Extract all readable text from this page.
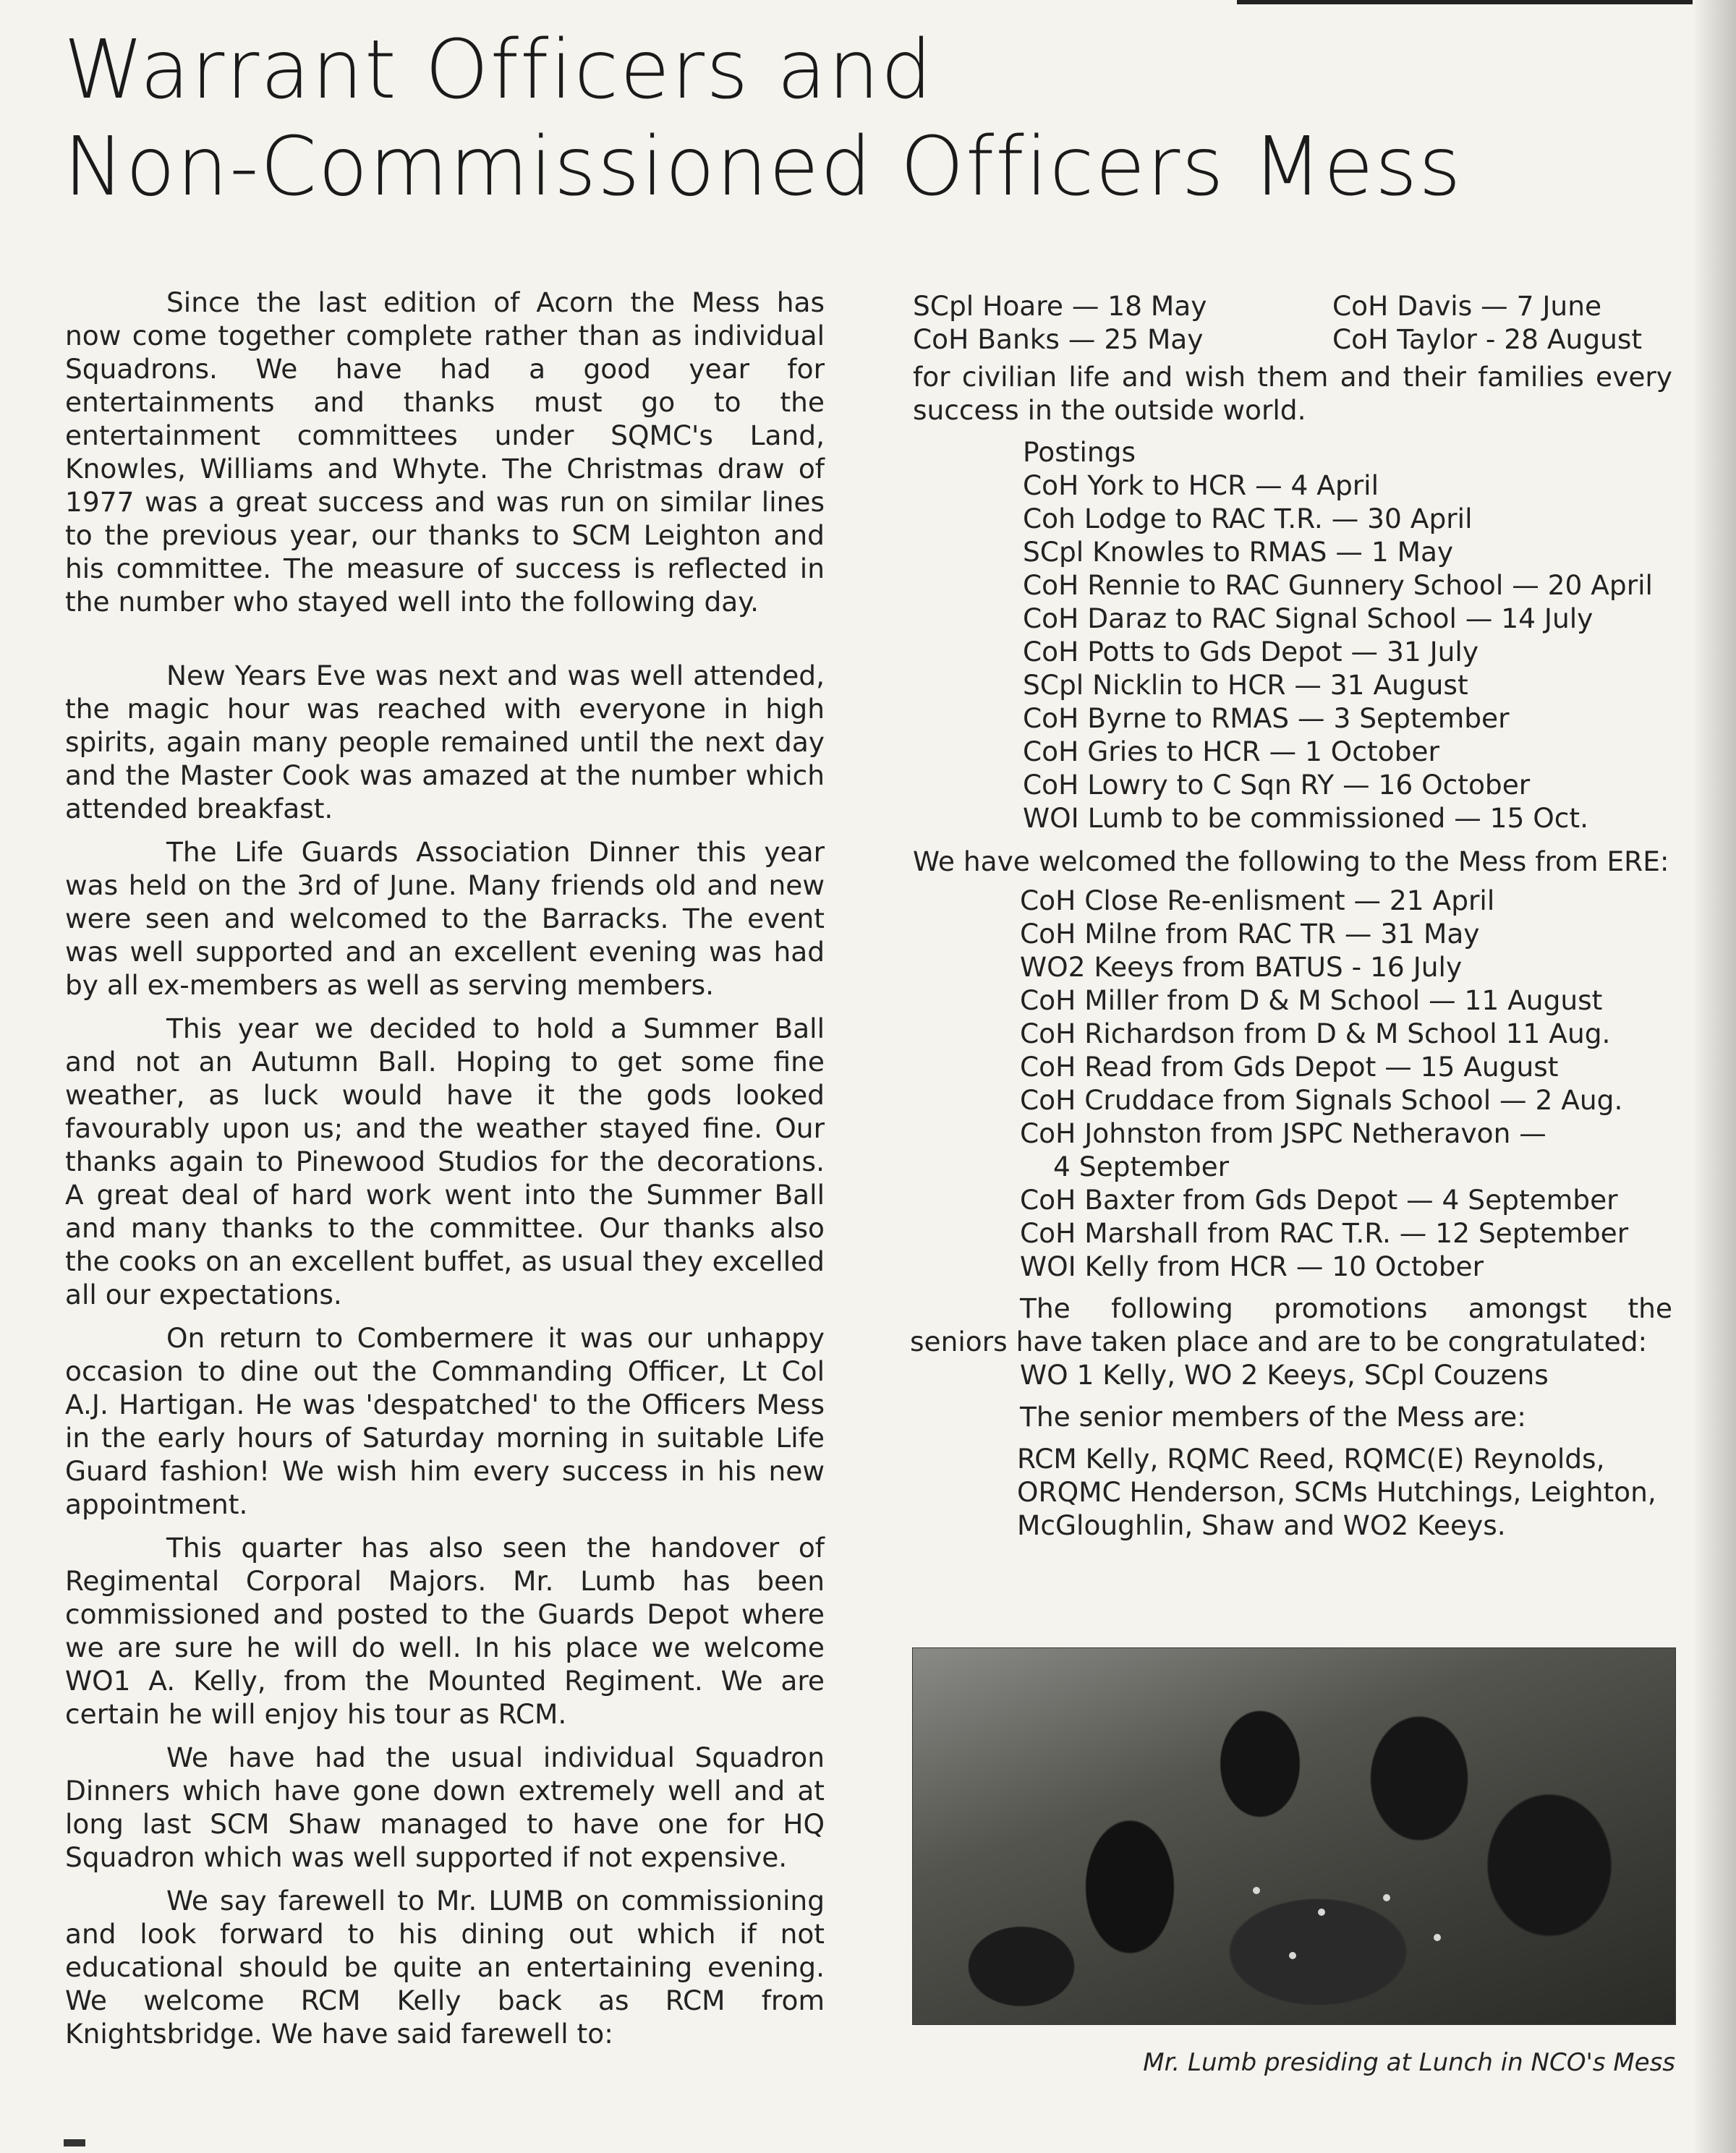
Warrant Officers and
Non-Commissioned Officers Mess

Since the last edition of Acorn the Mess has now come together complete rather than as individual Squadrons. We have had a good year for entertainments and thanks must go to the entertainment committees under SQMC's Land, Knowles, Williams and Whyte. The Christmas draw of 1977 was a great success and was run on similar lines to the previous year, our thanks to SCM Leighton and his committee. The measure of success is reflected in the number who stayed well into the following day.

New Years Eve was next and was well attended, the magic hour was reached with everyone in high spirits, again many people remained until the next day and the Master Cook was amazed at the number which attended breakfast.

The Life Guards Association Dinner this year was held on the 3rd of June. Many friends old and new were seen and welcomed to the Barracks. The event was well supported and an excellent evening was had by all ex-members as well as serving members.

This year we decided to hold a Summer Ball and not an Autumn Ball. Hoping to get some fine weather, as luck would have it the gods looked favourably upon us; and the weather stayed fine. Our thanks again to Pinewood Studios for the decorations. A great deal of hard work went into the Summer Ball and many thanks to the committee. Our thanks also the cooks on an excellent buffet, as usual they excelled all our expectations.

On return to Combermere it was our unhappy occasion to dine out the Commanding Officer, Lt Col A.J. Hartigan. He was 'despatched' to the Officers Mess in the early hours of Saturday morning in suitable Life Guard fashion! We wish him every success in his new appointment.

This quarter has also seen the handover of Regimental Corporal Majors. Mr. Lumb has been commissioned and posted to the Guards Depot where we are sure he will do well. In his place we welcome WO1 A. Kelly, from the Mounted Regiment. We are certain he will enjoy his tour as RCM.

We have had the usual individual Squadron Dinners which have gone down extremely well and at long last SCM Shaw managed to have one for HQ Squadron which was well supported if not expensive.

We say farewell to Mr. LUMB on commissioning and look forward to his dining out which if not educational should be quite an entertaining evening. We welcome RCM Kelly back as RCM from Knightsbridge. We have said farewell to:

SCpl Hoare — 18 May	CoH Davis — 7 June
CoH Banks — 25 May	CoH Taylor - 28 August

for civilian life and wish them and their families every success in the outside world.

Postings
CoH York to HCR — 4 April
Coh Lodge to RAC T.R. — 30 April
SCpl Knowles to RMAS — 1 May
CoH Rennie to RAC Gunnery School — 20 April
CoH Daraz to RAC Signal School — 14 July
CoH Potts to Gds Depot — 31 July
SCpl Nicklin to HCR — 31 August
CoH Byrne to RMAS — 3 September
CoH Gries to HCR — 1 October
CoH Lowry to C Sqn RY — 16 October
WOI Lumb to be commissioned — 15 Oct.

We have welcomed the following to the Mess from ERE:

CoH Close Re-enlisment — 21 April
CoH Milne from RAC TR — 31 May
WO2 Keeys from BATUS - 16 July
CoH Miller from D & M School — 11 August
CoH Richardson from D & M School 11 Aug.
CoH Read from Gds Depot — 15 August
CoH Cruddace from Signals School — 2 Aug.
CoH Johnston from JSPC Netheravon —
4 September
CoH Baxter from Gds Depot — 4 September
CoH Marshall from RAC T.R. — 12 September
WOI Kelly from HCR — 10 October
The following promotions amongst the
seniors have taken place and are to be congratulated:
WO 1 Kelly, WO 2 Keeys, SCpl Couzens
The senior members of the Mess are:
RCM Kelly, RQMC Reed, RQMC(E) Reynolds, ORQMC Henderson, SCMs Hutchings, Leighton, McGloughlin, Shaw and WO2 Keeys.
Mr. Lumb presiding at Lunch in NCO's Mess
